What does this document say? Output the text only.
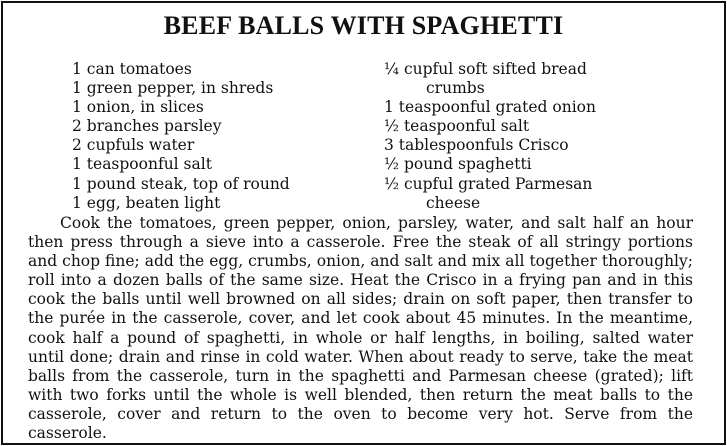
BEEF BALLS WITH SPAGHETTI
1 can tomatoes
1 green pepper, in shreds
1 onion, in slices
2 branches parsley
2 cupfuls water
1 teaspoonful salt
1 pound steak, top of round
1 egg, beaten light
¼ cupful soft sifted bread
crumbs
1 teaspoonful grated onion
½ teaspoonful salt
3 tablespoonfuls Crisco
½ pound spaghetti
½ cupful grated Parmesan
cheese
Cook the tomatoes, green pepper, onion, parsley, water, and salt half an hour then press through a sieve into a casserole. Free the steak of all stringy portions and chop fine; add the egg, crumbs, onion, and salt and mix all together thoroughly; roll into a dozen balls of the same size. Heat the Crisco in a frying pan and in this cook the balls until well browned on all sides; drain on soft paper, then transfer to the purée in the casserole, cover, and let cook about 45 minutes. In the meantime, cook half a pound of spaghetti, in whole or half lengths, in boiling, salted water until done; drain and rinse in cold water. When about ready to serve, take the meat balls from the casserole, turn in the spaghetti and Parmesan cheese (grated); lift with two forks until the whole is well blended, then return the meat balls to the casserole, cover and return to the oven to become very hot. Serve from the casserole.
